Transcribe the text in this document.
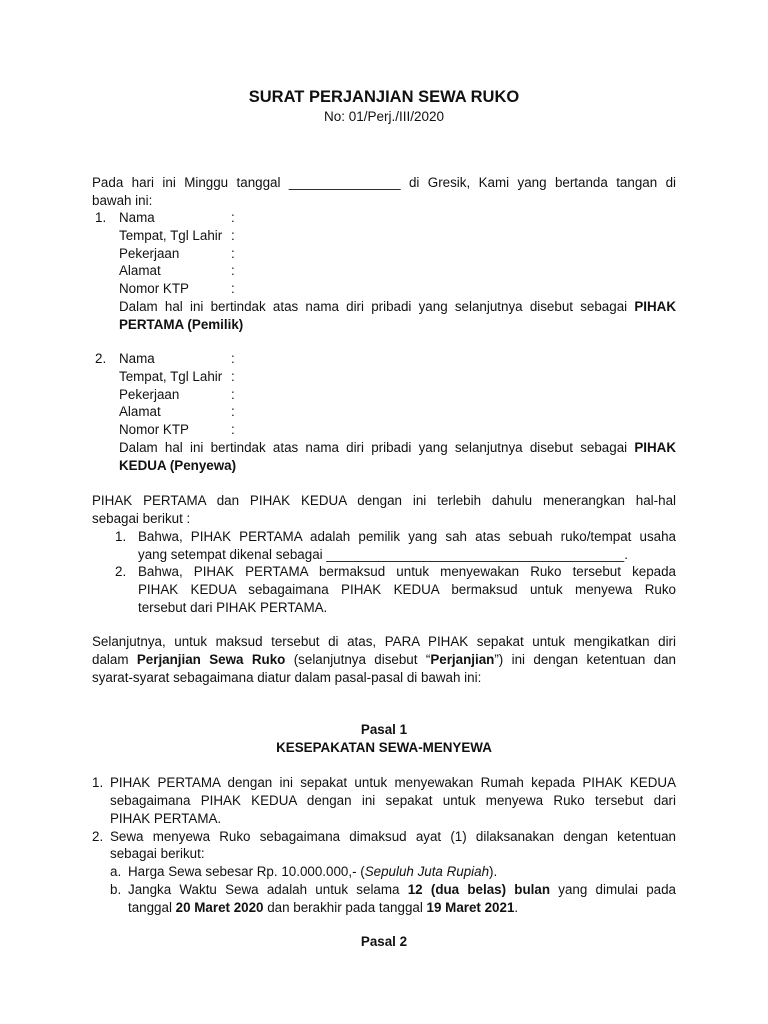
SURAT PERJANJIAN SEWA RUKO
No: 01/Perj./III/2020
Pada hari ini Minggu tanggal _______________ di Gresik, Kami yang bertanda tangan di
bawah ini:
1. Nama	:
Tempat, Tgl Lahir :
Pekerjaan	:
Alamat	:
Nomor KTP	:
Dalam hal ini bertindak atas nama diri pribadi yang selanjutnya disebut sebagai PIHAK
PERTAMA (Pemilik)
2. Nama	:
Tempat, Tgl Lahir :
Pekerjaan	:
Alamat	:
Nomor KTP	:
Dalam hal ini bertindak atas nama diri pribadi yang selanjutnya disebut sebagai PIHAK
KEDUA (Penyewa)
PIHAK PERTAMA dan PIHAK KEDUA dengan ini terlebih dahulu menerangkan hal-hal
sebagai berikut :
1. Bahwa, PIHAK PERTAMA adalah pemilik yang sah atas sebuah ruko/tempat usaha
yang setempat dikenal sebagai ________________________________________.
2. Bahwa, PIHAK PERTAMA bermaksud untuk menyewakan Ruko tersebut kepada
PIHAK KEDUA sebagaimana PIHAK KEDUA bermaksud untuk menyewa Ruko
tersebut dari PIHAK PERTAMA.
Selanjutnya, untuk maksud tersebut di atas, PARA PIHAK sepakat untuk mengikatkan diri
dalam Perjanjian Sewa Ruko (selanjutnya disebut “Perjanjian”) ini dengan ketentuan dan
syarat-syarat sebagaimana diatur dalam pasal-pasal di bawah ini:
Pasal 1
KESEPAKATAN SEWA-MENYEWA
1. PIHAK PERTAMA dengan ini sepakat untuk menyewakan Rumah kepada PIHAK KEDUA
sebagaimana PIHAK KEDUA dengan ini sepakat untuk menyewa Ruko tersebut dari
PIHAK PERTAMA.
2. Sewa menyewa Ruko sebagaimana dimaksud ayat (1) dilaksanakan dengan ketentuan
sebagai berikut:
a. Harga Sewa sebesar Rp. 10.000.000,- (Sepuluh Juta Rupiah).
b. Jangka Waktu Sewa adalah untuk selama 12 (dua belas) bulan yang dimulai pada
tanggal 20 Maret 2020 dan berakhir pada tanggal 19 Maret 2021.
Pasal 2
